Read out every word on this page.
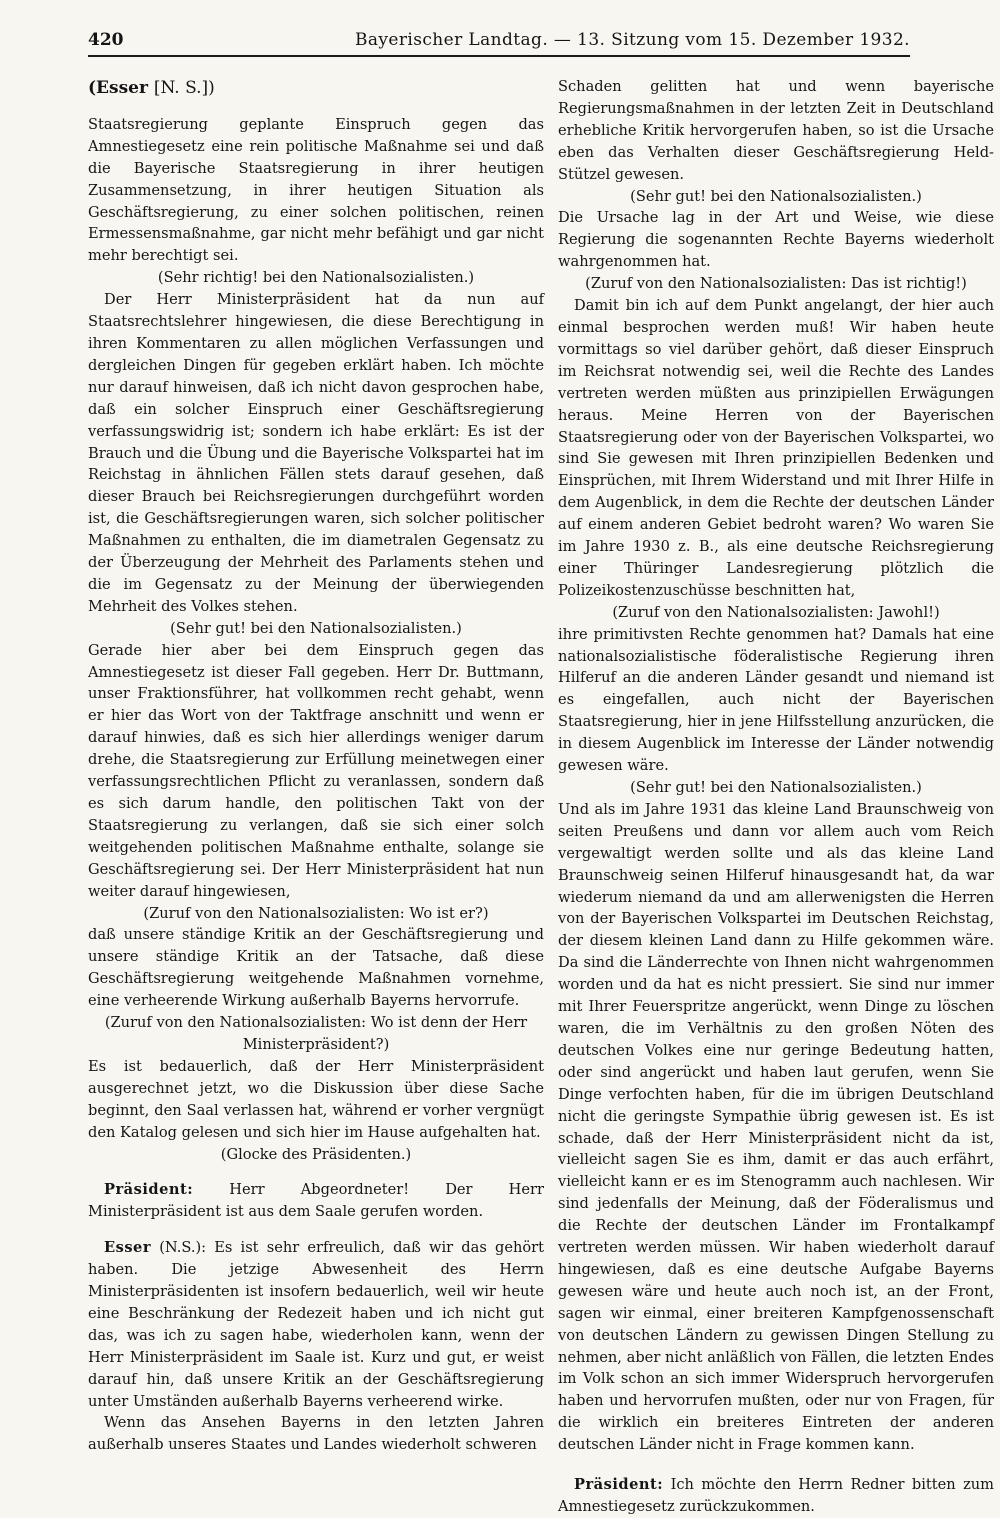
420	Bayerischer Landtag. — 13. Sitzung vom 15. Dezember 1932.
(Esser [N. S.])

Staatsregierung geplante Einspruch gegen das Amnestiegesetz eine rein politische Maßnahme sei und daß die Bayerische Staatsregierung in ihrer heutigen Zusammensetzung, in ihrer heutigen Situation als Geschäftsregierung, zu einer solchen politischen, reinen Ermessensmaßnahme, gar nicht mehr befähigt und gar nicht mehr berechtigt sei.

(Sehr richtig! bei den Nationalsozialisten.)

Der Herr Ministerpräsident hat da nun auf Staatsrechtslehrer hingewiesen, die diese Berechtigung in ihren Kommentaren zu allen möglichen Verfassungen und dergleichen Dingen für gegeben erklärt haben. Ich möchte nur darauf hinweisen, daß ich nicht davon gesprochen habe, daß ein solcher Einspruch einer Geschäftsregierung verfassungswidrig ist; sondern ich habe erklärt: Es ist der Brauch und die Übung und die Bayerische Volkspartei hat im Reichstag in ähnlichen Fällen stets darauf gesehen, daß dieser Brauch bei Reichsregierungen durchgeführt worden ist, die Geschäftsregierungen waren, sich solcher politischer Maßnahmen zu enthalten, die im diametralen Gegensatz zu der Überzeugung der Mehrheit des Parlaments stehen und die im Gegensatz zu der Meinung der überwiegenden Mehrheit des Volkes stehen.

(Sehr gut! bei den Nationalsozialisten.)

Gerade hier aber bei dem Einspruch gegen das Amnestiegesetz ist dieser Fall gegeben. Herr Dr. Buttmann, unser Fraktionsführer, hat vollkommen recht gehabt, wenn er hier das Wort von der Taktfrage anschnitt und wenn er darauf hinwies, daß es sich hier allerdings weniger darum drehe, die Staatsregierung zur Erfüllung meinetwegen einer verfassungsrechtlichen Pflicht zu veranlassen, sondern daß es sich darum handle, den politischen Takt von der Staatsregierung zu verlangen, daß sie sich einer solch weitgehenden politischen Maßnahme enthalte, solange sie Geschäftsregierung sei. Der Herr Ministerpräsident hat nun weiter darauf hingewiesen,

(Zuruf von den Nationalsozialisten: Wo ist er?)

daß unsere ständige Kritik an der Geschäftsregierung und unsere ständige Kritik an der Tatsache, daß diese Geschäftsregierung weitgehende Maßnahmen vornehme, eine verheerende Wirkung außerhalb Bayerns hervorrufe.

(Zuruf von den Nationalsozialisten: Wo ist denn der Herr Ministerpräsident?)

Es ist bedauerlich, daß der Herr Ministerpräsident ausgerechnet jetzt, wo die Diskussion über diese Sache beginnt, den Saal verlassen hat, während er vorher vergnügt den Katalog gelesen und sich hier im Hause aufgehalten hat.

(Glocke des Präsidenten.)

Präsident: Herr Abgeordneter! Der Herr Ministerpräsident ist aus dem Saale gerufen worden.

Esser (N.S.): Es ist sehr erfreulich, daß wir das gehört haben. Die jetzige Abwesenheit des Herrn Ministerpräsidenten ist insofern bedauerlich, weil wir heute eine Beschränkung der Redezeit haben und ich nicht gut das, was ich zu sagen habe, wiederholen kann, wenn der Herr Ministerpräsident im Saale ist. Kurz und gut, er weist darauf hin, daß unsere Kritik an der Geschäftsregierung unter Umständen außerhalb Bayerns verheerend wirke.

Wenn das Ansehen Bayerns in den letzten Jahren außerhalb unseres Staates und Landes wiederholt schweren

Schaden gelitten hat und wenn bayerische Regierungsmaßnahmen in der letzten Zeit in Deutschland erhebliche Kritik hervorgerufen haben, so ist die Ursache eben das Verhalten dieser Geschäftsregierung Held-Stützel gewesen.

(Sehr gut! bei den Nationalsozialisten.)

Die Ursache lag in der Art und Weise, wie diese Regierung die sogenannten Rechte Bayerns wiederholt wahrgenommen hat.

(Zuruf von den Nationalsozialisten: Das ist richtig!)

Damit bin ich auf dem Punkt angelangt, der hier auch einmal besprochen werden muß! Wir haben heute vormittags so viel darüber gehört, daß dieser Einspruch im Reichsrat notwendig sei, weil die Rechte des Landes vertreten werden müßten aus prinzipiellen Erwägungen heraus. Meine Herren von der Bayerischen Staatsregierung oder von der Bayerischen Volkspartei, wo sind Sie gewesen mit Ihren prinzipiellen Bedenken und Einsprüchen, mit Ihrem Widerstand und mit Ihrer Hilfe in dem Augenblick, in dem die Rechte der deutschen Länder auf einem anderen Gebiet bedroht waren? Wo waren Sie im Jahre 1930 z. B., als eine deutsche Reichsregierung einer Thüringer Landesregierung plötzlich die Polizeikostenzuschüsse beschnitten hat,

(Zuruf von den Nationalsozialisten: Jawohl!)

ihre primitivsten Rechte genommen hat? Damals hat eine nationalsozialistische föderalistische Regierung ihren Hilferuf an die anderen Länder gesandt und niemand ist es eingefallen, auch nicht der Bayerischen Staatsregierung, hier in jene Hilfsstellung anzurücken, die in diesem Augenblick im Interesse der Länder notwendig gewesen wäre.

(Sehr gut! bei den Nationalsozialisten.)

Und als im Jahre 1931 das kleine Land Braunschweig von seiten Preußens und dann vor allem auch vom Reich vergewaltigt werden sollte und als das kleine Land Braunschweig seinen Hilferuf hinausgesandt hat, da war wiederum niemand da und am allerwenigsten die Herren von der Bayerischen Volkspartei im Deutschen Reichstag, der diesem kleinen Land dann zu Hilfe gekommen wäre. Da sind die Länderrechte von Ihnen nicht wahrgenommen worden und da hat es nicht pressiert. Sie sind nur immer mit Ihrer Feuerspritze angerückt, wenn Dinge zu löschen waren, die im Verhältnis zu den großen Nöten des deutschen Volkes eine nur geringe Bedeutung hatten, oder sind angerückt und haben laut gerufen, wenn Sie Dinge verfochten haben, für die im übrigen Deutschland nicht die geringste Sympathie übrig gewesen ist. Es ist schade, daß der Herr Ministerpräsident nicht da ist, vielleicht sagen Sie es ihm, damit er das auch erfährt, vielleicht kann er es im Stenogramm auch nachlesen. Wir sind jedenfalls der Meinung, daß der Föderalismus und die Rechte der deutschen Länder im Frontalkampf vertreten werden müssen. Wir haben wiederholt darauf hingewiesen, daß es eine deutsche Aufgabe Bayerns gewesen wäre und heute auch noch ist, an der Front, sagen wir einmal, einer breiteren Kampfgenossenschaft von deutschen Ländern zu gewissen Dingen Stellung zu nehmen, aber nicht anläßlich von Fällen, die letzten Endes im Volk schon an sich immer Widerspruch hervorgerufen haben und hervorrufen mußten, oder nur von Fragen, für die wirklich ein breiteres Eintreten der anderen deutschen Länder nicht in Frage kommen kann.

Präsident: Ich möchte den Herrn Redner bitten zum Amnestiegesetz zurückzukommen.
